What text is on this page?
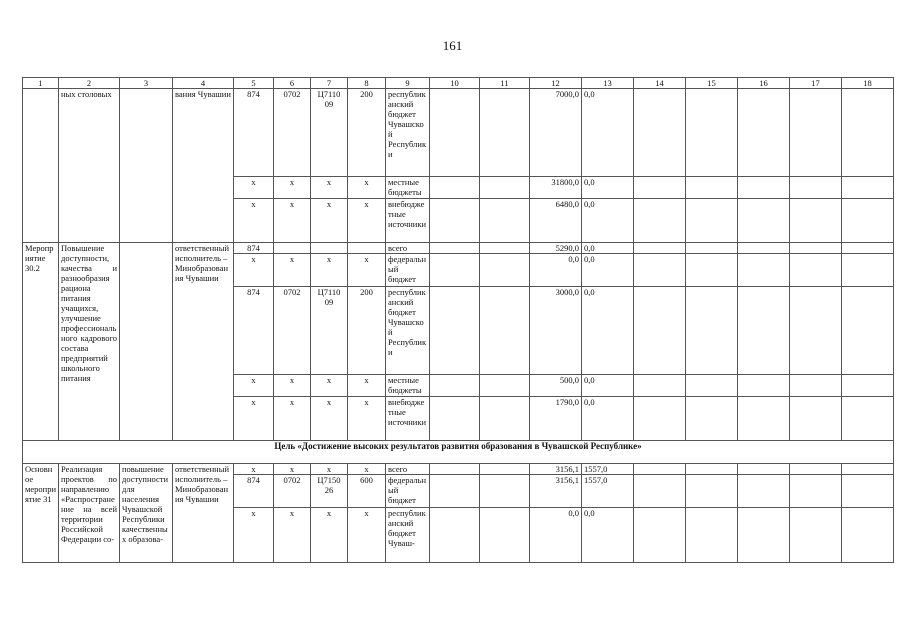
161
1	2	3	4	5	6	7	8	9	10	11	12	13	14	15	16	17	18
	ных столовых		вания Чувашии	874	0702	Ц7110 09	200	республиканский бюджет Чувашской Республики			7000,0	0,0					
				х	х	х	х	местные бюджеты			31800,0	0,0					
				х	х	х	х	внебюджетные источники			6480,0	0,0					
Мероприятие 30.2	Повышение доступности, качества и разнообразия рациона питания учащихся, улучшение профессионального кадрового состава предприятий школьного питания		ответственный исполнитель – Минобразования Чувашии	874				всего			5290,0	0,0					
				х	х	х	х	федеральный бюджет			0,0	0,0					
				874	0702	Ц7110 09	200	республиканский бюджет Чувашской Республики			3000,0	0,0					
				х	х	х	х	местные бюджеты			500,0	0,0					
				х	х	х	х	внебюджетные источники			1790,0	0,0					
Цель «Достижение высоких результатов развития образования в Чувашской Республике»																	
Основное мероприятие 31	Реализация проектов по направлению «Распространение на всей территории Российской Федерации со-	повышение доступности для населения Чувашской Республики качественных образова-	ответственный исполнитель – Минобразования Чувашии	х	х	х	х	всего			3156,1	1557,0					
				874	0702	Ц7150 26	600	федеральный бюджет			3156,1	1557,0					
				х	х	х	х	республиканский бюджет Чуваш-			0,0	0,0					
